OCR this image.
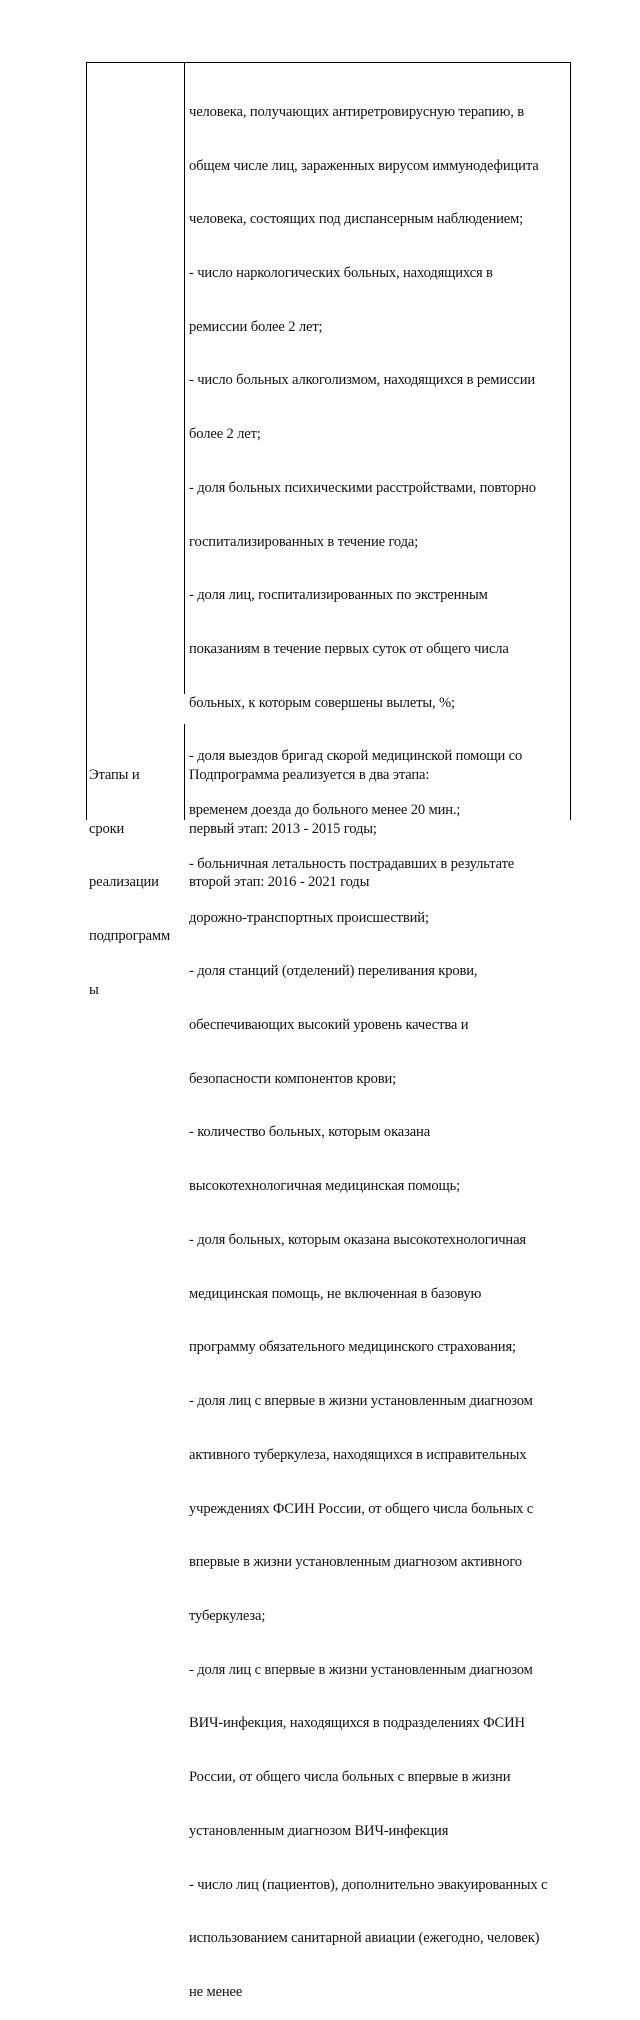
человека, получающих антиретровирусную терапию, в

общем числе лиц, зараженных вирусом иммунодефицита

человека, состоящих под диспансерным наблюдением;

- число наркологических больных, находящихся в

ремиссии более 2 лет;

- число больных алкоголизмом, находящихся в ремиссии

более 2 лет;

- доля больных психическими расстройствами, повторно

госпитализированных в течение года;

- доля лиц, госпитализированных по экстренным

показаниям в течение первых суток от общего числа

больных, к которым совершены вылеты, %;

- доля выездов бригад скорой медицинской помощи со

временем доезда до больного менее 20 мин.;

- больничная летальность пострадавших в результате

дорожно-транспортных происшествий;

- доля станций (отделений) переливания крови,

обеспечивающих высокий уровень качества и

безопасности компонентов крови;

- количество больных, которым оказана

высокотехнологичная медицинская помощь;

- доля больных, которым оказана высокотехнологичная

медицинская помощь, не включенная в базовую

программу обязательного медицинского страхования;

- доля лиц с впервые в жизни установленным диагнозом

активного туберкулеза, находящихся в исправительных

учреждениях ФСИН России, от общего числа больных с

впервые в жизни установленным диагнозом активного

туберкулеза;

- доля лиц с впервые в жизни установленным диагнозом

ВИЧ-инфекция, находящихся в подразделениях ФСИН

России, от общего числа больных с впервые в жизни

установленным диагнозом ВИЧ-инфекция

- число лиц (пациентов), дополнительно эвакуированных с

использованием санитарной авиации (ежегодно, человек)

не менее

Этапы и

сроки

реализации

подпрограмм

ы

Подпрограмма реализуется в два этапа:

первый этап: 2013 - 2015 годы;

второй этап: 2016 - 2021 годы
